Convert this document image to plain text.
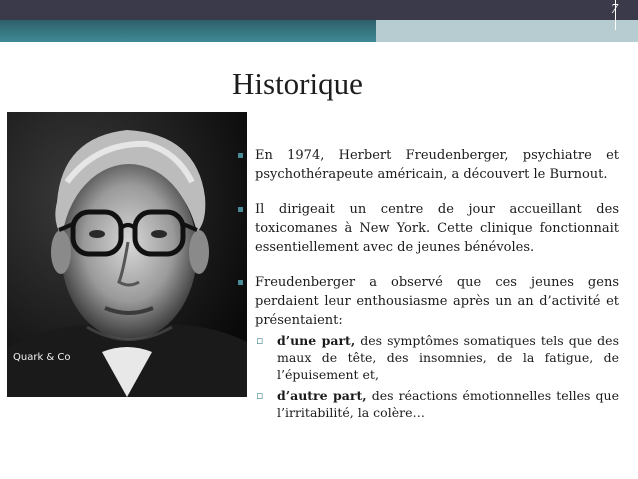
7
Historique
Quark & Co
En 1974, Herbert Freudenberger, psychiatre et psychothérapeute américain, a découvert le Burnout.
Il dirigeait un centre de jour accueillant des toxicomanes à New York. Cette clinique fonctionnait essentiellement avec de jeunes bénévoles.
Freudenberger a observé que ces jeunes gens perdaient leur enthousiasme après un an d’activité et présentaient:
▫ d’une part, des symptômes somatiques tels que des maux de tête, des insomnies, de la fatigue, de l’épuisement et,
▫ d’autre part, des réactions émotionnelles telles que l’irritabilité, la colère…
